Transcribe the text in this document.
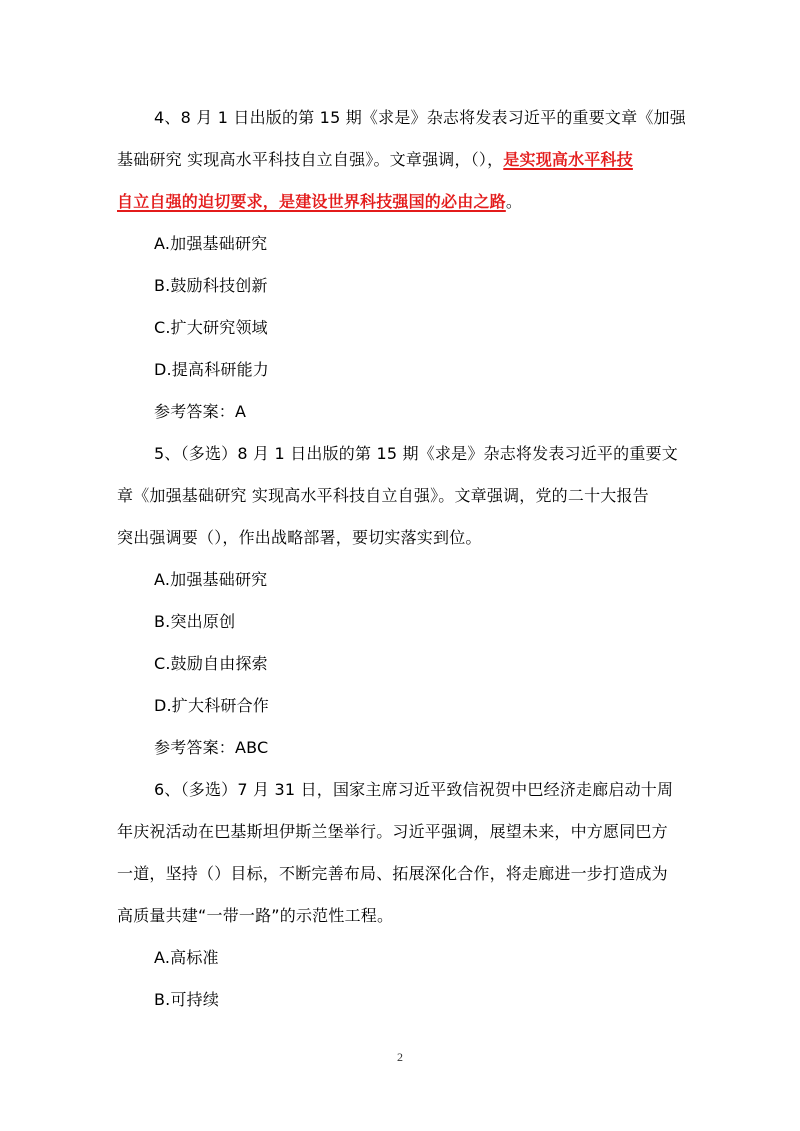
4、8 月 1 日出版的第 15 期《求是》杂志将发表习近平的重要文章《加强
基础研究 实现高水平科技自立自强》。文章强调，（），是实现高水平科技
自立自强的迫切要求，是建设世界科技强国的必由之路。
A.加强基础研究
B.鼓励科技创新
C.扩大研究领域
D.提高科研能力
参考答案：A
5、（多选）8 月 1 日出版的第 15 期《求是》杂志将发表习近平的重要文
章《加强基础研究 实现高水平科技自立自强》。文章强调，党的二十大报告
突出强调要（），作出战略部署，要切实落实到位。
A.加强基础研究
B.突出原创
C.鼓励自由探索
D.扩大科研合作
参考答案：ABC
6、（多选）7 月 31 日，国家主席习近平致信祝贺中巴经济走廊启动十周
年庆祝活动在巴基斯坦伊斯兰堡举行。习近平强调，展望未来，中方愿同巴方
一道，坚持（）目标，不断完善布局、拓展深化合作，将走廊进一步打造成为
高质量共建“一带一路”的示范性工程。
A.高标准
B.可持续
2
